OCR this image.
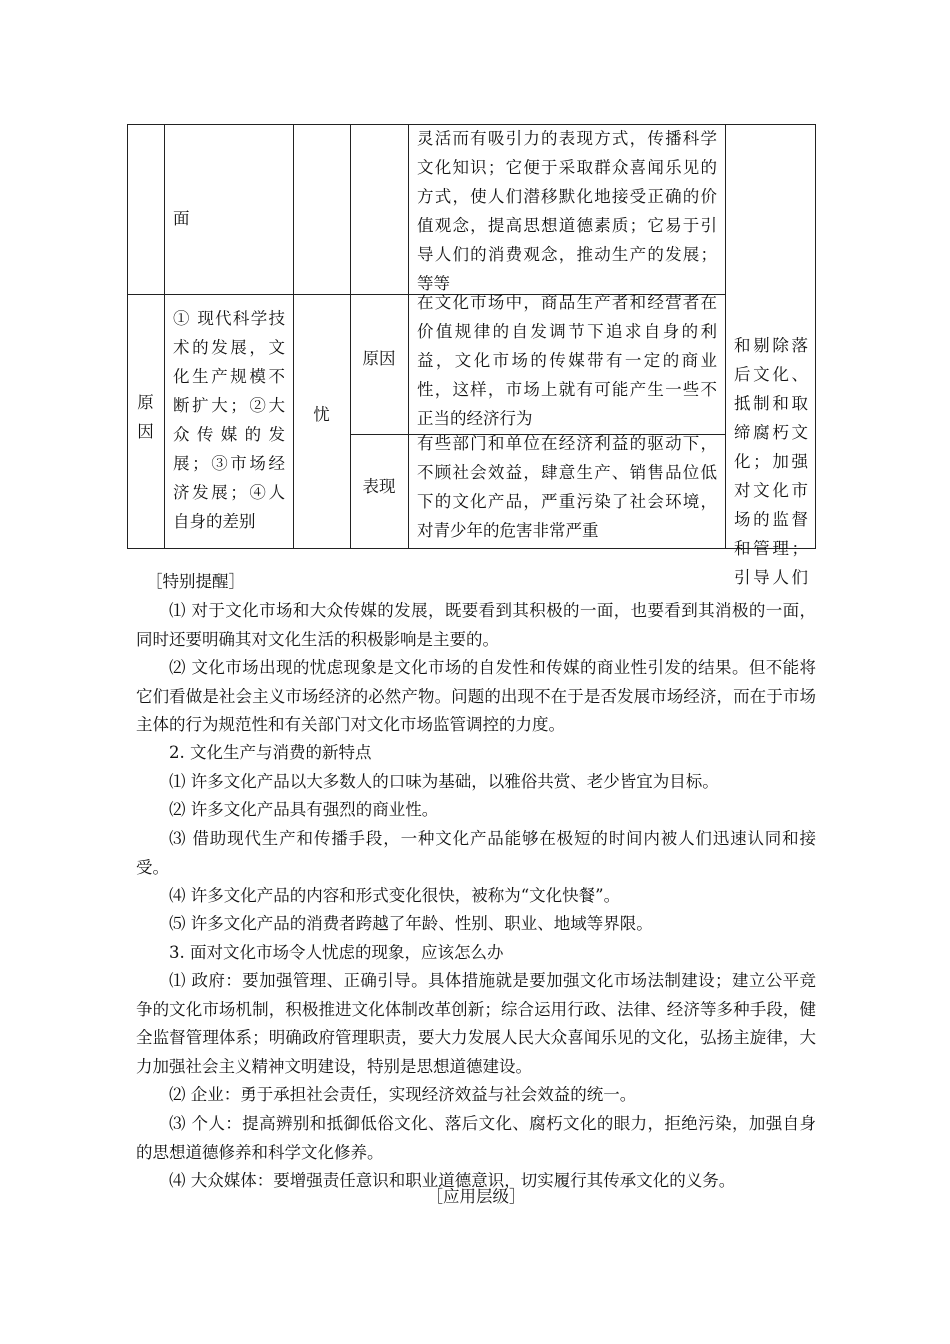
面
灵活而有吸引力的表现方式，传播科学
文化知识；它便于采取群众喜闻乐见的
方式，使人们潜移默化地接受正确的价
值观念，提高思想道德素质；它易于引
导人们的消费观念，推动生产的发展；
等等
原
因
① 现代科学技
术的发展，文
化生产规模不
断扩大；②大
众传媒的发
展；③市场经
济发展；④人
自身的差别
忧
原因
在文化市场中，商品生产者和经营者在
价值规律的自发调节下追求自身的利
益，文化市场的传媒带有一定的商业
性，这样，市场上就有可能产生一些不
正当的经济行为
表现
有些部门和单位在经济利益的驱动下，
不顾社会效益，肆意生产、销售品位低
下的文化产品，严重污染了社会环境，
对青少年的危害非常严重
和剔除落
后文化、
抵制和取
缔腐朽文
化；加强
对文化市
场的监督
和管理；
引导人们
［特别提醒］
⑴ 对于文化市场和大众传媒的发展，既要看到其积极的一面，也要看到其消极的一面，同时还要明确其对文化生活的积极影响是主要的。
⑵ 文化市场出现的忧虑现象是文化市场的自发性和传媒的商业性引发的结果。但不能将它们看做是社会主义市场经济的必然产物。问题的出现不在于是否发展市场经济，而在于市场主体的行为规范性和有关部门对文化市场监管调控的力度。
2. 文化生产与消费的新特点
⑴ 许多文化产品以大多数人的口味为基础，以雅俗共赏、老少皆宜为目标。
⑵ 许多文化产品具有强烈的商业性。
⑶ 借助现代生产和传播手段，一种文化产品能够在极短的时间内被人们迅速认同和接受。
⑷ 许多文化产品的内容和形式变化很快，被称为“文化快餐”。
⑸ 许多文化产品的消费者跨越了年龄、性别、职业、地域等界限。
3. 面对文化市场令人忧虑的现象，应该怎么办
⑴ 政府：要加强管理、正确引导。具体措施就是要加强文化市场法制建设；建立公平竞争的文化市场机制，积极推进文化体制改革创新；综合运用行政、法律、经济等多种手段，健全监督管理体系；明确政府管理职责，要大力发展人民大众喜闻乐见的文化，弘扬主旋律，大力加强社会主义精神文明建设，特别是思想道德建设。
⑵ 企业：勇于承担社会责任，实现经济效益与社会效益的统一。
⑶ 个人：提高辨别和抵御低俗文化、落后文化、腐朽文化的眼力，拒绝污染，加强自身的思想道德修养和科学文化修养。
⑷ 大众媒体：要增强责任意识和职业道德意识，切实履行其传承文化的义务。
［应用层级］
